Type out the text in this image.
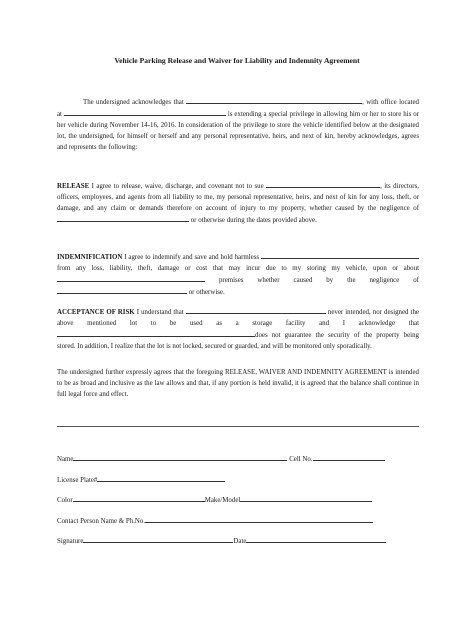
Vehicle Parking Release and Waiver for Liability and Indemnity Agreement
The undersigned acknowledges that	, with office located at	is extending a special privilege in allowing him or her to store his or her vehicle during November 14-16, 2016. In consideration of the privilege to store the vehicle identified below at the designated lot, the undersigned, for himself or herself and any personal representative, heirs, and next of kin, hereby acknowledges, agrees and represents the following:
RELEASE I agree to release, waive, discharge, and covenant not to sue	, its directors, officers, employees, and agents from all liability to me, my personal representative, heirs, and next of kin for any loss, theft, or damage, and any claim or demands therefore on account of injury to my property, whether caused by the negligence of  or otherwise during the dates provided above.
INDEMNIFICATION I agree to indemnify and save and hold harmless from any loss, liability, theft, damage or cost that may incur due to my storing my vehicle, upon or about  premises whether caused by the negligence of  or otherwise.
ACCEPTANCE OF RISK I understand that	never intended, nor designed the above mentioned lot to be used as a storage facility and I acknowledge that does not guarantee the security of the property being stored. In addition, I realize that the lot is not locked, secured or guarded, and will be monitored only sporadically.
The undersigned further expressly agrees that the foregoing RELEASE, WAIVER AND INDEMNITY AGREEMENT is intended to be as broad and inclusive as the law allows and that, if any portion is held invalid, it is agreed that the balance shall continue in full legal force and effect.
Name	Cell No.
License Plate#
Color	Make/Model
Contact Person Name & Ph.No.
Signature	Date
